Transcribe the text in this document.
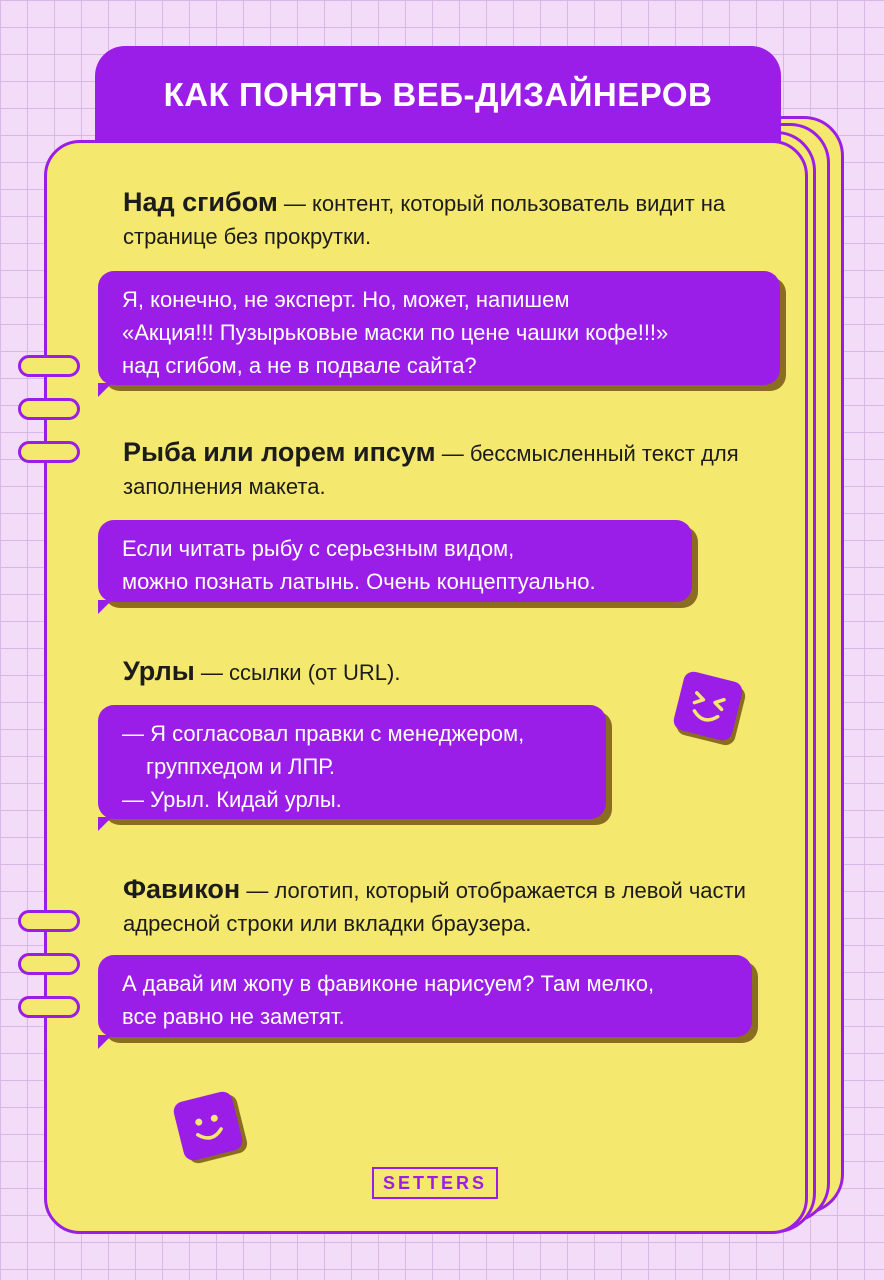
КАК ПОНЯТЬ ВЕБ-ДИЗАЙНЕРОВ
Над сгибом — контент, который пользователь видит на странице без прокрутки.
Я, конечно, не эксперт. Но, может, напишем
«Акция!!! Пузырьковые маски по цене чашки кофе!!!»
над сгибом, а не в подвале сайта?
Рыба или лорем ипсум — бессмысленный текст для заполнения макета.
Если читать рыбу с серьезным видом,
можно познать латынь. Очень концептуально.
Урлы — ссылки (от URL).
— Я согласовал правки с менеджером,
группхедом и ЛПР.
— Урыл. Кидай урлы.
Фавикон — логотип, который отображается в левой части адресной строки или вкладки браузера.
А давай им жопу в фавиконе нарисуем? Там мелко,
все равно не заметят.
SETTERS
